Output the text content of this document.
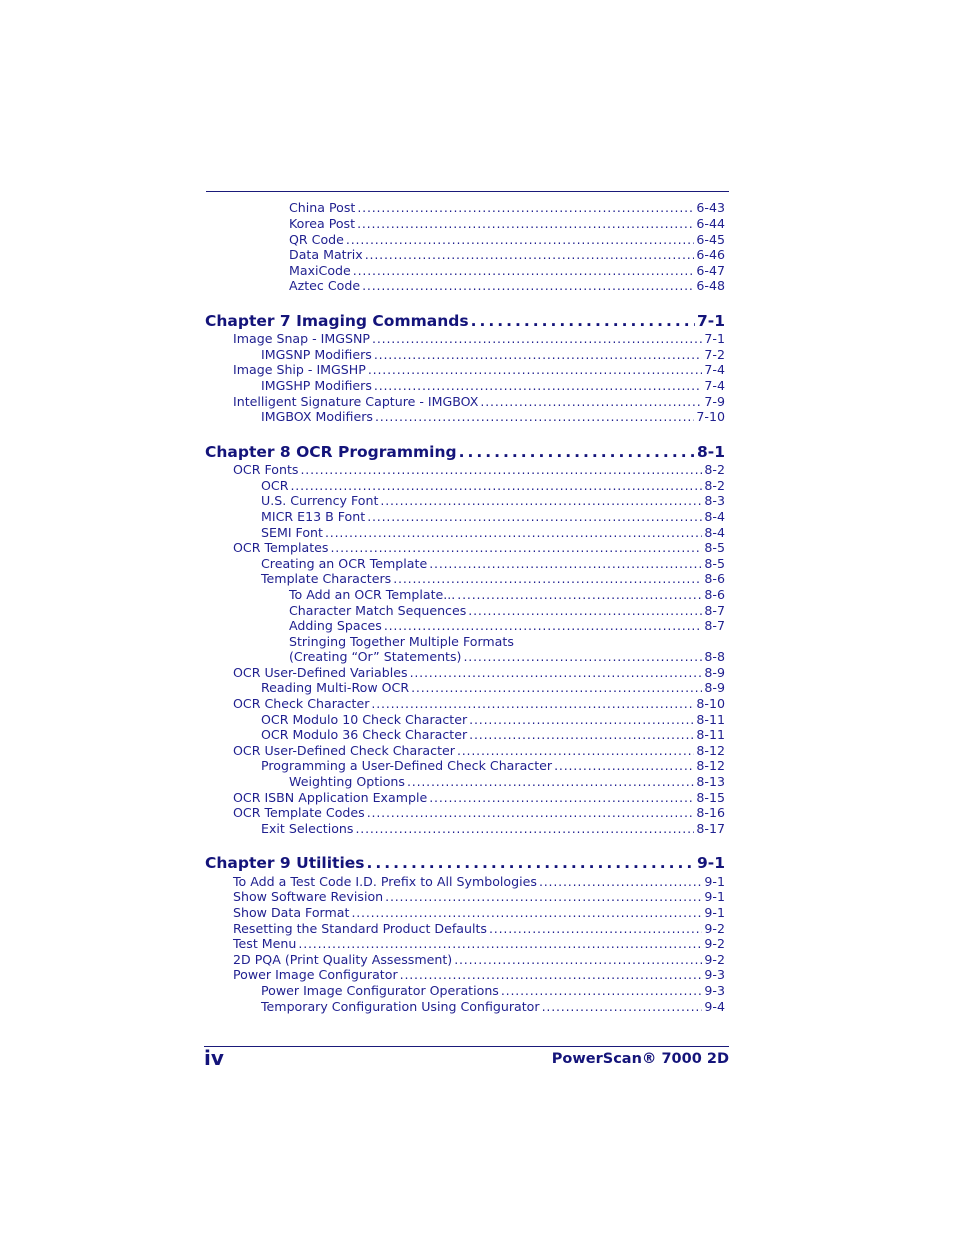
China Post . . .	6-43
Korea Post . . .	6-44
QR Code . . .	6-45
Data Matrix . . .	6-46
MaxiCode . . .	6-47
Aztec Code . . .	6-48
Chapter 7 Imaging Commands . . .	7-1
Image Snap - IMGSNP . . .	7-1
IMGSNP Modifiers . . .	7-2
Image Ship - IMGSHP . . .	7-4
IMGSHP Modifiers . . .	7-4
Intelligent Signature Capture - IMGBOX . . .	7-9
IMGBOX Modifiers . . .	7-10
Chapter 8 OCR Programming . . .	8-1
OCR Fonts . . .	8-2
OCR . . .	8-2
U.S. Currency Font . . .	8-3
MICR E13 B Font . . .	8-4
SEMI Font . . .	8-4
OCR Templates . . .	8-5
Creating an OCR Template . . .	8-5
Template Characters . . .	8-6
To Add an OCR Template... . . .	8-6
Character Match Sequences . . .	8-7
Adding Spaces . . .	8-7
Stringing Together Multiple Formats
(Creating “Or” Statements) . . .	8-8
OCR User-Defined Variables . . .	8-9
Reading Multi-Row OCR . . .	8-9
OCR Check Character . . .	8-10
OCR Modulo 10 Check Character . . .	8-11
OCR Modulo 36 Check Character . . .	8-11
OCR User-Defined Check Character . . .	8-12
Programming a User-Defined Check Character . . .	8-12
Weighting Options . . .	8-13
OCR ISBN Application Example . . .	8-15
OCR Template Codes . . .	8-16
Exit Selections . . .	8-17
Chapter 9 Utilities . . .	9-1
To Add a Test Code I.D. Prefix to All Symbologies . . .	9-1
Show Software Revision . . .	9-1
Show Data Format . . .	9-1
Resetting the Standard Product Defaults . . .	9-2
Test Menu . . .	9-2
2D PQA (Print Quality Assessment) . . .	9-2
Power Image Configurator . . .	9-3
Power Image Configurator Operations . . .	9-3
Temporary Configuration Using Configurator . . .	9-4
iv	PowerScan® 7000 2D
